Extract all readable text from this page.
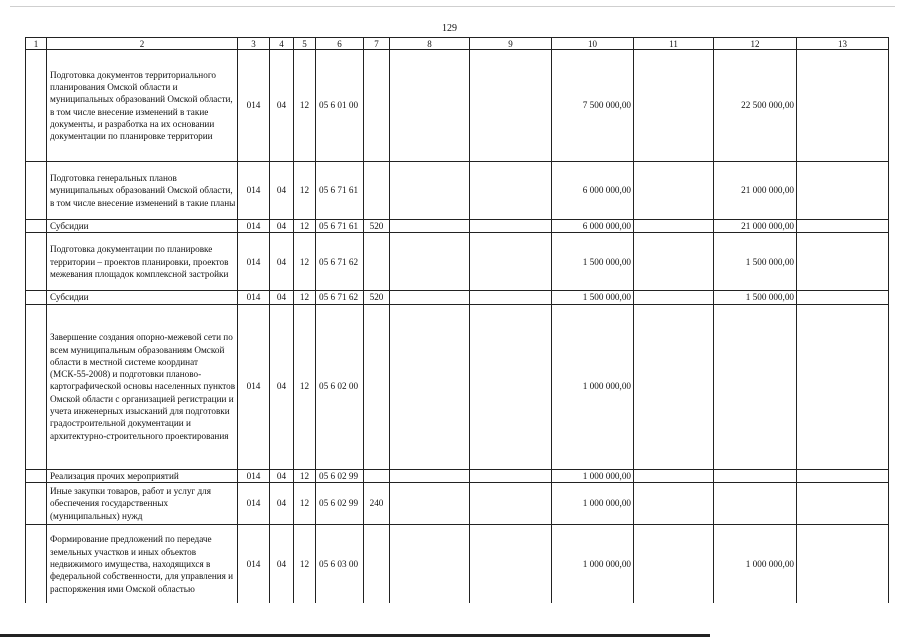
129
1	2	3	4	5	6	7	8	9	10	11	12	13
	Подготовка документов территориального планирования Омской области и муниципальных образований Омской области, в том числе внесение изменений в такие документы, и разработка на их основании документации по планировке территории	014	04	12	05 6 01 00				7 500 000,00		22 500 000,00	
	Подготовка генеральных планов муниципальных образований Омской области, в том числе внесение изменений в такие планы	014	04	12	05 6 71 61				6 000 000,00		21 000 000,00	
	Субсидии	014	04	12	05 6 71 61	520			6 000 000,00		21 000 000,00	
	Подготовка документации по планировке территории – проектов планировки, проектов межевания площадок комплексной застройки	014	04	12	05 6 71 62				1 500 000,00		1 500 000,00	
	Субсидии	014	04	12	05 6 71 62	520			1 500 000,00		1 500 000,00	
	Завершение создания опорно-межевой сети по всем муниципальным образованиям Омской области в местной системе координат (МСК-55-2008) и подготовки планово-картографической основы населенных пунктов Омской области с организацией регистрации и учета инженерных изысканий для подготовки градостроительной документации и архитектурно-строительного проектирования	014	04	12	05 6 02 00				1 000 000,00			
	Реализация прочих мероприятий	014	04	12	05 6 02 99				1 000 000,00			
	Иные закупки товаров, работ и услуг для обеспечения государственных (муниципальных) нужд	014	04	12	05 6 02 99	240			1 000 000,00			
	Формирование предложений по передаче земельных участков и иных объектов недвижимого имущества, находящихся в федеральной собственности, для управления и распоряжения ими Омской областью	014	04	12	05 6 03 00				1 000 000,00		1 000 000,00	
